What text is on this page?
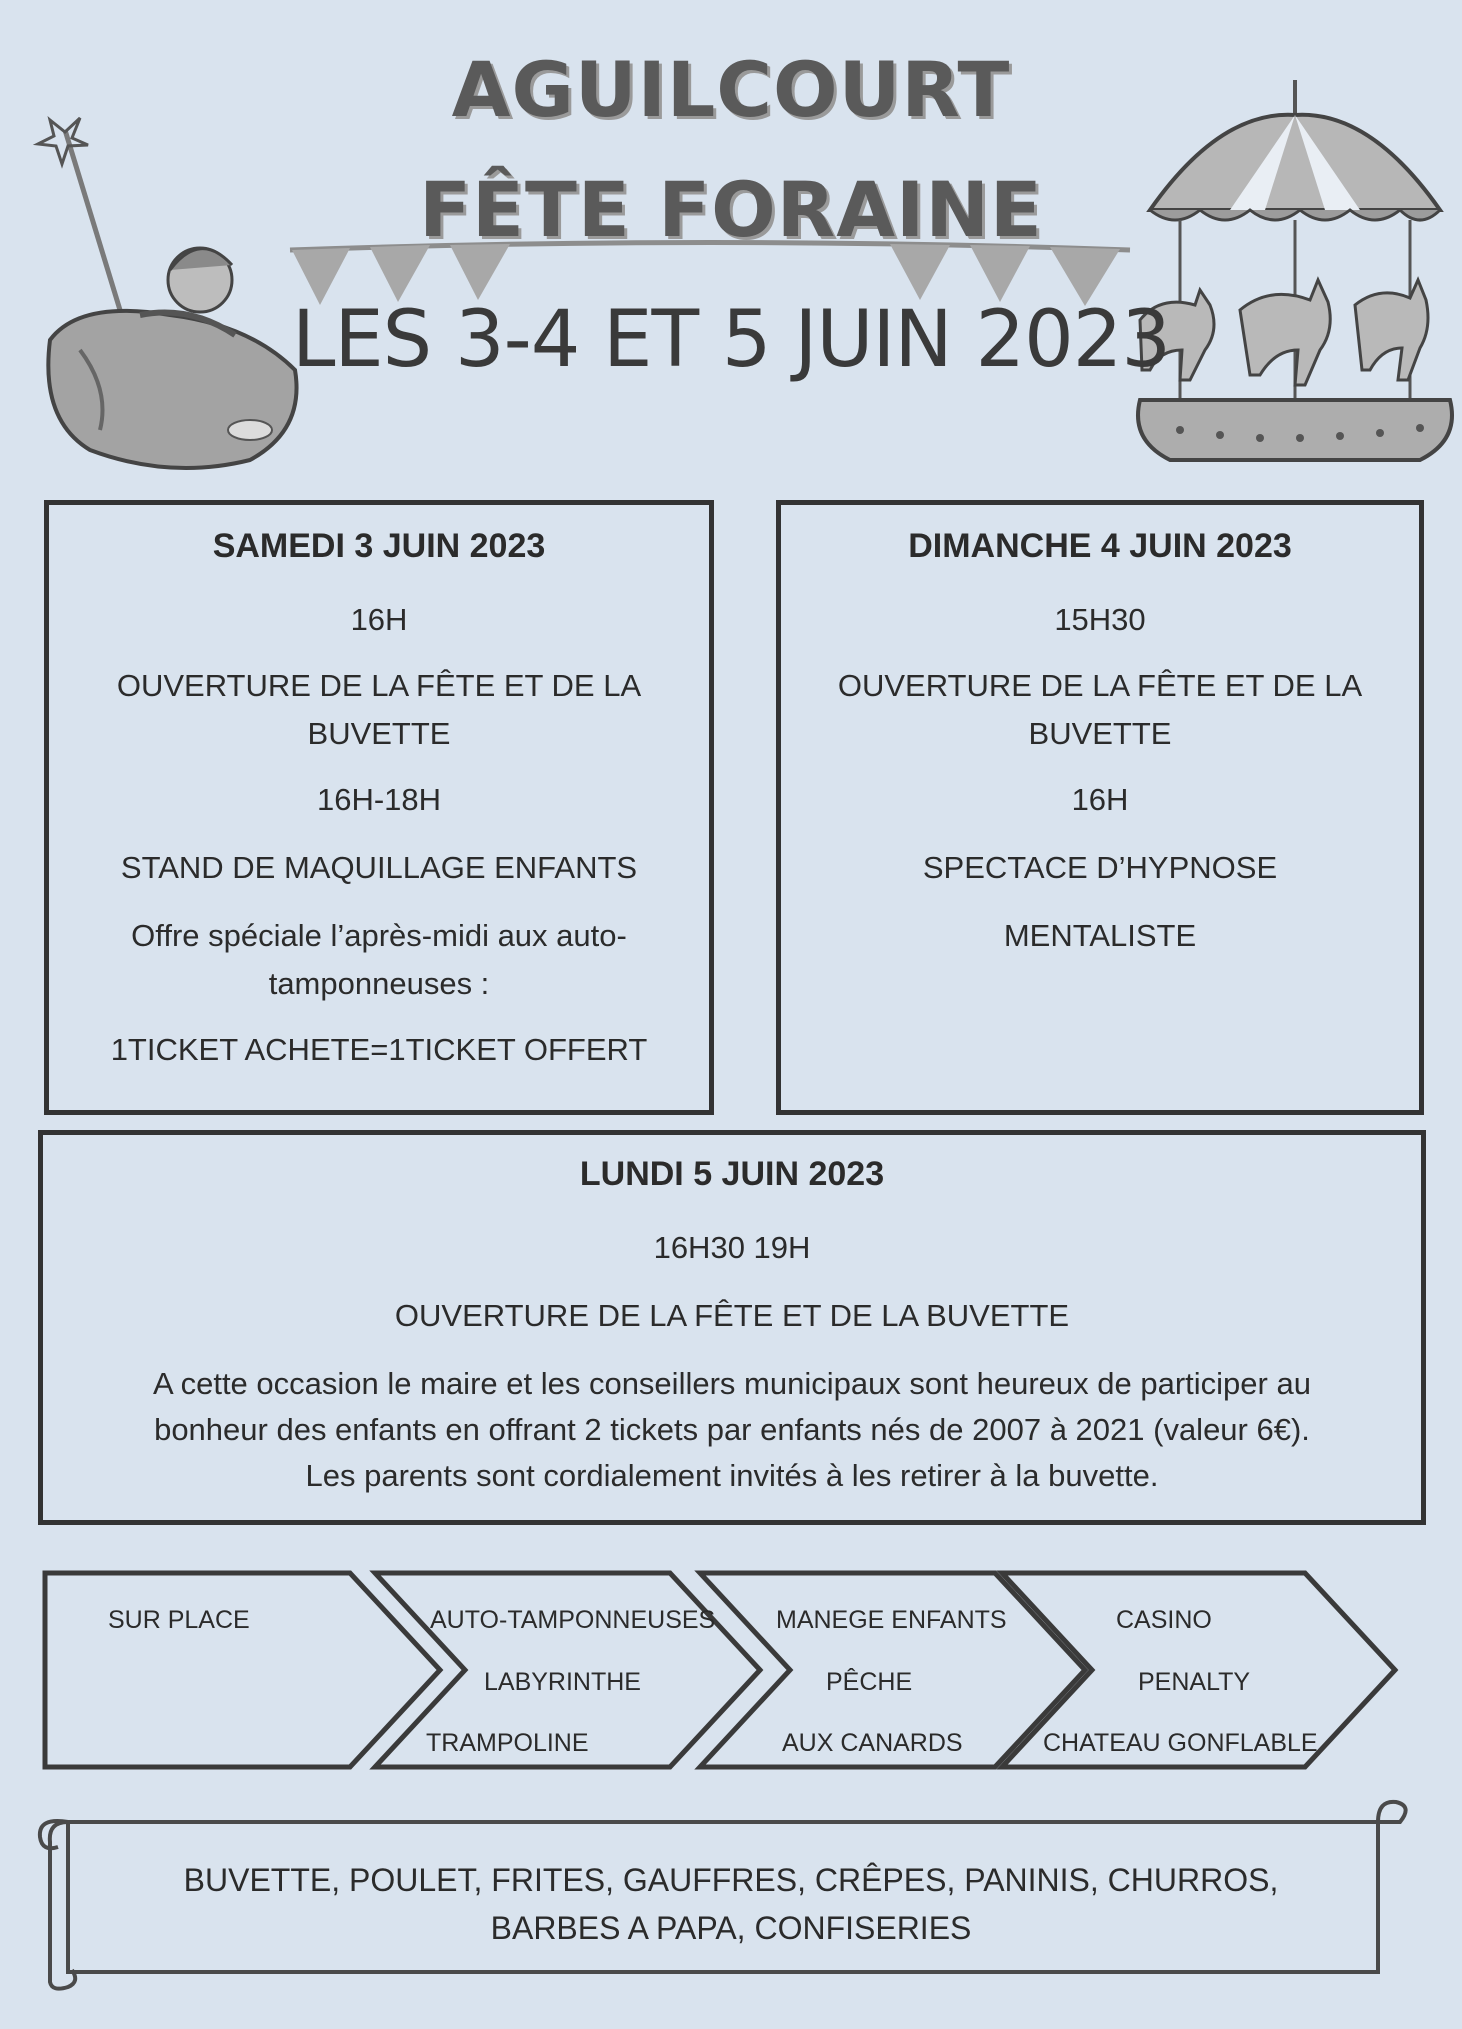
AGUILCOURT
FÊTE FORAINE
LES 3-4 ET 5 JUIN 2023

SAMEDI 3 JUIN 2023

16H

OUVERTURE DE LA FÊTE ET DE LA

BUVETTE

16H-18H

STAND DE MAQUILLAGE ENFANTS

Offre spéciale l’après-midi aux auto-

tamponneuses :

1TICKET ACHETE=1TICKET OFFERT

DIMANCHE 4 JUIN 2023

15H30

OUVERTURE DE LA FÊTE ET DE LA

BUVETTE

16H

SPECTACE D’HYPNOSE

MENTALISTE

LUNDI 5 JUIN 2023

16H30 19H

OUVERTURE DE LA FÊTE ET DE LA BUVETTE

A cette occasion le maire et les conseillers municipaux sont heureux de participer au

bonheur des enfants en offrant 2 tickets par enfants nés de 2007 à 2021 (valeur 6€).

Les parents sont cordialement invités à les retirer à la buvette.

SUR PLACE	AUTO-TAMPONNEUSES
LABYRINTHE
TRAMPOLINE
MANEGE ENFANTS
PÊCHE
AUX CANARDS
CASINO
PENALTY
CHATEAU GONFLABLE
BUVETTE, POULET, FRITES, GAUFFRES, CRÊPES, PANINIS, CHURROS,
BARBES A PAPA, CONFISERIES
